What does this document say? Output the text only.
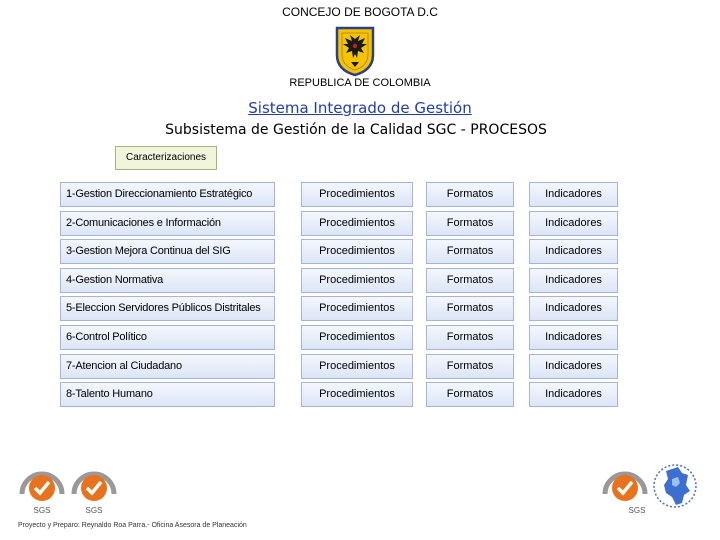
CONCEJO DE BOGOTA D.C
REPUBLICA DE COLOMBIA
Sistema Integrado de Gestión
Subsistema de Gestión de la Calidad SGC - PROCESOS
Caracterizaciones
1-Gestion Direccionamiento Estratégico	Procedimientos	Formatos	Indicadores
2-Comunicaciones e Información	Procedimientos	Formatos	Indicadores
3-Gestion Mejora Continua del SIG	Procedimientos	Formatos	Indicadores
4-Gestion Normativa	Procedimientos	Formatos	Indicadores
5-Eleccion Servidores Públicos Distritales	Procedimientos	Formatos	Indicadores
6-Control Político	Procedimientos	Formatos	Indicadores
7-Atencion al Ciudadano	Procedimientos	Formatos	Indicadores
8-Talento Humano	Procedimientos	Formatos	Indicadores
SGS	SGS
Proyecto y Preparo: Reynaldo Roa Parra.- Oficina Asesora de Planeación
SGS
